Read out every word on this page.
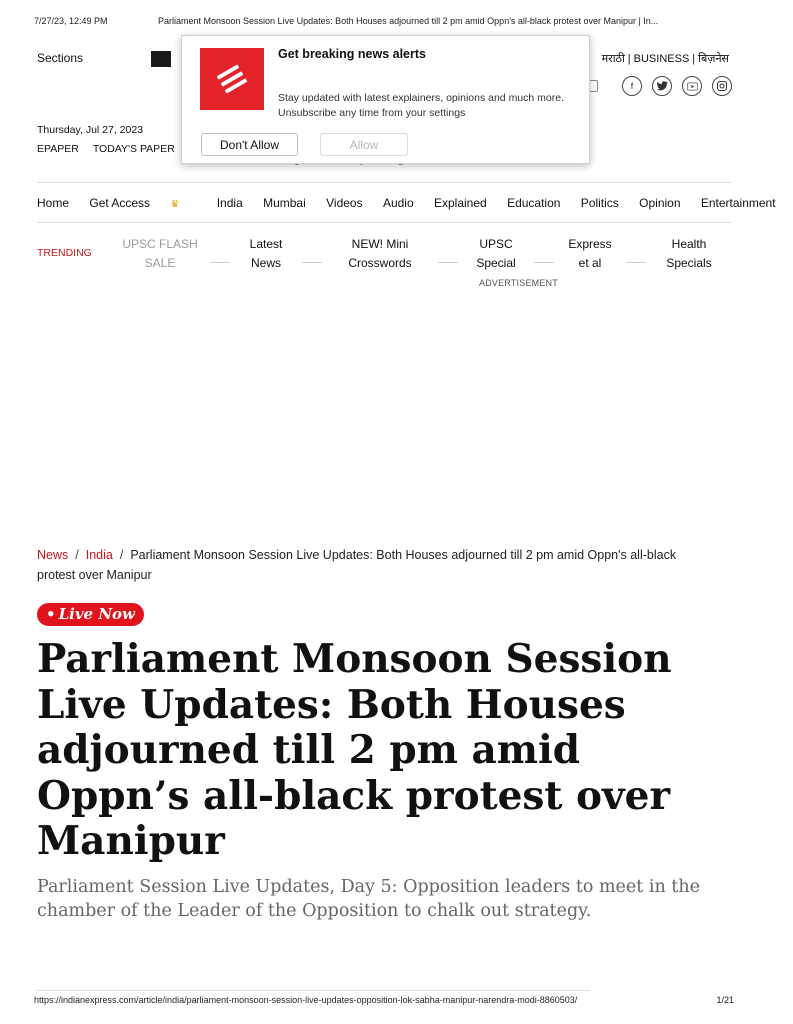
7/27/23, 12:49 PM	Parliament Monsoon Session Live Updates: Both Houses adjourned till 2 pm amid Oppn's all-black protest over Manipur | In...
Sections	मराठी | BUSINESS | बिज़नेस
f
Thursday, Jul 27, 2023
EPAPER TODAY'S PAPER
Get breaking news alerts
Stay updated with latest explainers, opinions and much more. Unsubscribe any time from your settings
Don't Allow	Allow
Home Get Access ♛	India Mumbai Videos Audio Explained Education Politics Opinion Entertainment
TRENDING
UPSC FLASH
SALE
Latest
News
NEW! Mini
Crosswords
UPSC
Special
Express
et al
Health
Specials
ADVERTISEMENT
News / India / Parliament Monsoon Session Live Updates: Both Houses adjourned till 2 pm amid Oppn's all-black protest over Manipur
• Live Now
Parliament Monsoon Session Live Updates: Both Houses adjourned till 2 pm amid Oppn’s all-black protest over Manipur

Parliament Session Live Updates, Day 5: Opposition leaders to meet in the chamber of the Leader of the Opposition to chalk out strategy.

https://indianexpress.com/article/india/parliament-monsoon-session-live-updates-opposition-lok-sabha-manipur-narendra-modi-8860503/	1/21
